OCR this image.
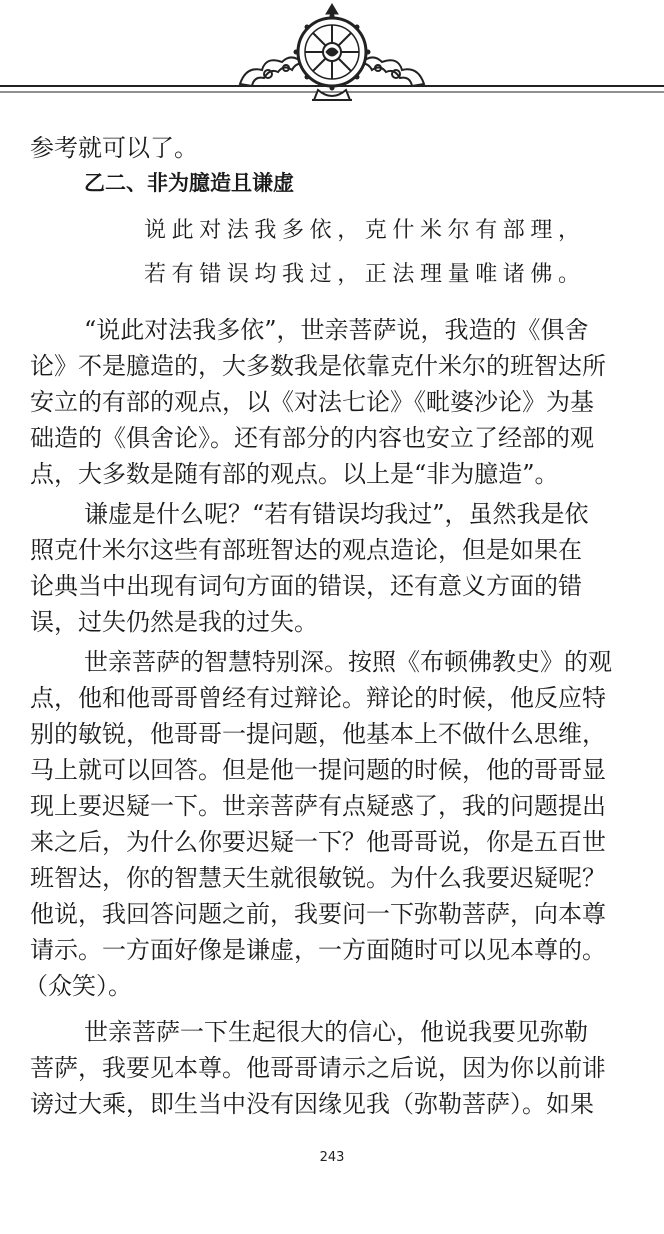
参考就可以了。
乙二、非为臆造且谦虚
说此对法我多依，克什米尔有部理，
若有错误均我过，正法理量唯诸佛。
“说此对法我多依”，世亲菩萨说，我造的《俱舍
论》不是臆造的，大多数我是依靠克什米尔的班智达所
安立的有部的观点，以《对法七论》《毗婆沙论》为基
础造的《俱舍论》。还有部分的内容也安立了经部的观
点，大多数是随有部的观点。以上是“非为臆造”。
谦虚是什么呢？“若有错误均我过”，虽然我是依
照克什米尔这些有部班智达的观点造论，但是如果在
论典当中出现有词句方面的错误，还有意义方面的错
误，过失仍然是我的过失。
世亲菩萨的智慧特别深。按照《布顿佛教史》的观
点，他和他哥哥曾经有过辩论。辩论的时候，他反应特
别的敏锐，他哥哥一提问题，他基本上不做什么思维，
马上就可以回答。但是他一提问题的时候，他的哥哥显
现上要迟疑一下。世亲菩萨有点疑惑了，我的问题提出
来之后，为什么你要迟疑一下？他哥哥说，你是五百世
班智达，你的智慧天生就很敏锐。为什么我要迟疑呢？
他说，我回答问题之前，我要问一下弥勒菩萨，向本尊
请示。一方面好像是谦虚，一方面随时可以见本尊的。
（众笑）。
世亲菩萨一下生起很大的信心，他说我要见弥勒
菩萨，我要见本尊。他哥哥请示之后说，因为你以前诽
谤过大乘，即生当中没有因缘见我（弥勒菩萨）。如果
243
